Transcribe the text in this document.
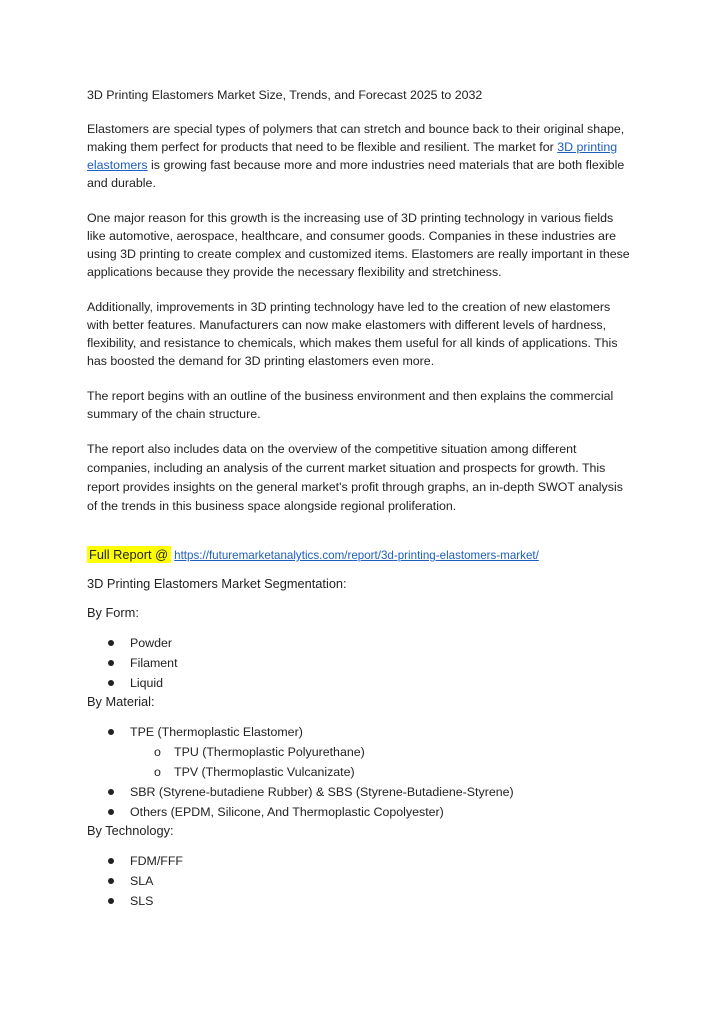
3D Printing Elastomers Market Size, Trends, and Forecast 2025 to 2032

Elastomers are special types of polymers that can stretch and bounce back to their original shape, making them perfect for products that need to be flexible and resilient. The market for 3D printing elastomers is growing fast because more and more industries need materials that are both flexible and durable.

One major reason for this growth is the increasing use of 3D printing technology in various fields like automotive, aerospace, healthcare, and consumer goods. Companies in these industries are using 3D printing to create complex and customized items. Elastomers are really important in these applications because they provide the necessary flexibility and stretchiness.

Additionally, improvements in 3D printing technology have led to the creation of new elastomers with better features. Manufacturers can now make elastomers with different levels of hardness, flexibility, and resistance to chemicals, which makes them useful for all kinds of applications. This has boosted the demand for 3D printing elastomers even more.

The report begins with an outline of the business environment and then explains the commercial summary of the chain structure.

The report also includes data on the overview of the competitive situation among different companies, including an analysis of the current market situation and prospects for growth. This report provides insights on the general market's profit through graphs, an in-depth SWOT analysis of the trends in this business space alongside regional proliferation.

Full Report @ https://futuremarketanalytics.com/report/3d-printing-elastomers-market/
3D Printing Elastomers Market Segmentation:
By Form:
Powder
Filament
Liquid
By Material:
TPE (Thermoplastic Elastomer)
o TPU (Thermoplastic Polyurethane)
o TPV (Thermoplastic Vulcanizate)
SBR (Styrene-butadiene Rubber) & SBS (Styrene-Butadiene-Styrene)
Others (EPDM, Silicone, And Thermoplastic Copolyester)
By Technology:
FDM/FFF
SLA
SLS
